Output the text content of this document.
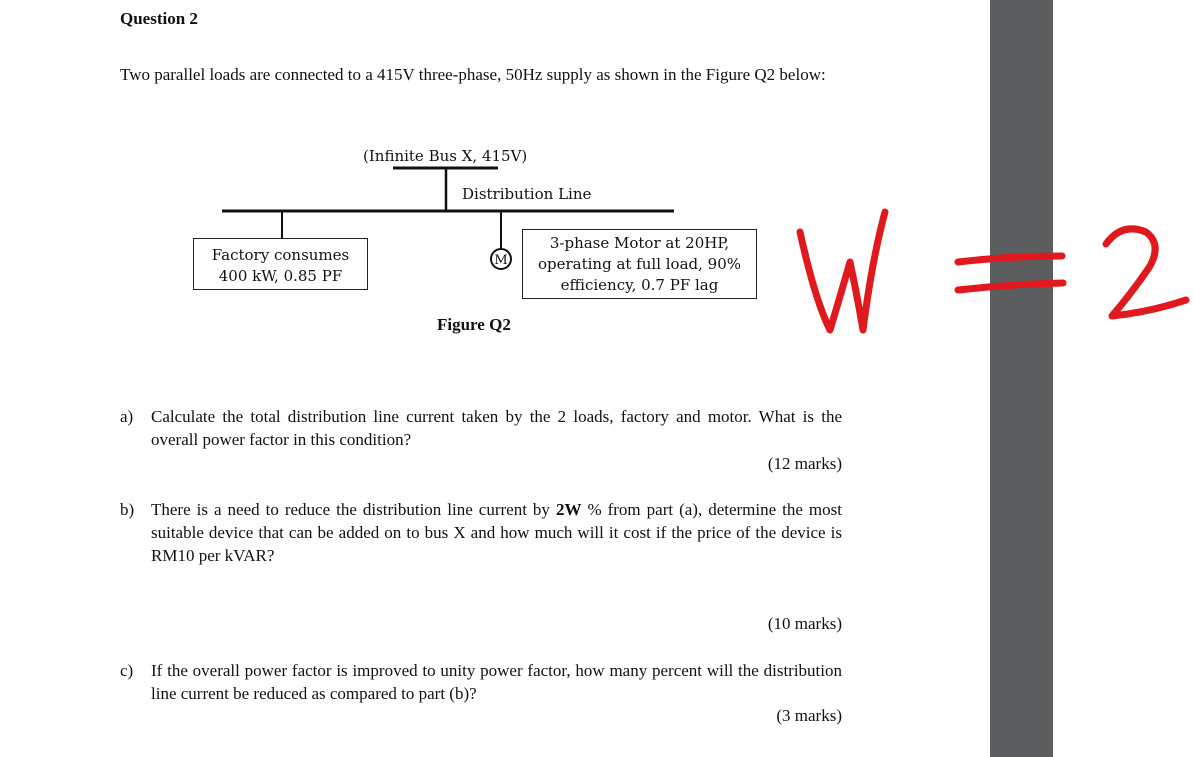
Question 2
Two parallel loads are connected to a 415V three-phase, 50Hz supply as shown in the Figure Q2 below:
M
(Infinite Bus X, 415V)
Distribution Line
Factory consumes
400 kW, 0.85 PF
3-phase Motor at 20HP,
operating at full load, 90%
efficiency, 0.7 PF lag
Figure Q2
a) Calculate the total distribution line current taken by the 2 loads, factory and motor. What is the overall power factor in this condition?
(12 marks)
b) There is a need to reduce the distribution line current by 2W % from part (a), determine the most suitable device that can be added on to bus X and how much will it cost if the price of the device is RM10 per kVAR?
(10 marks)
c) If the overall power factor is improved to unity power factor, how many percent will the distribution line current be reduced as compared to part (b)?
(3 marks)
